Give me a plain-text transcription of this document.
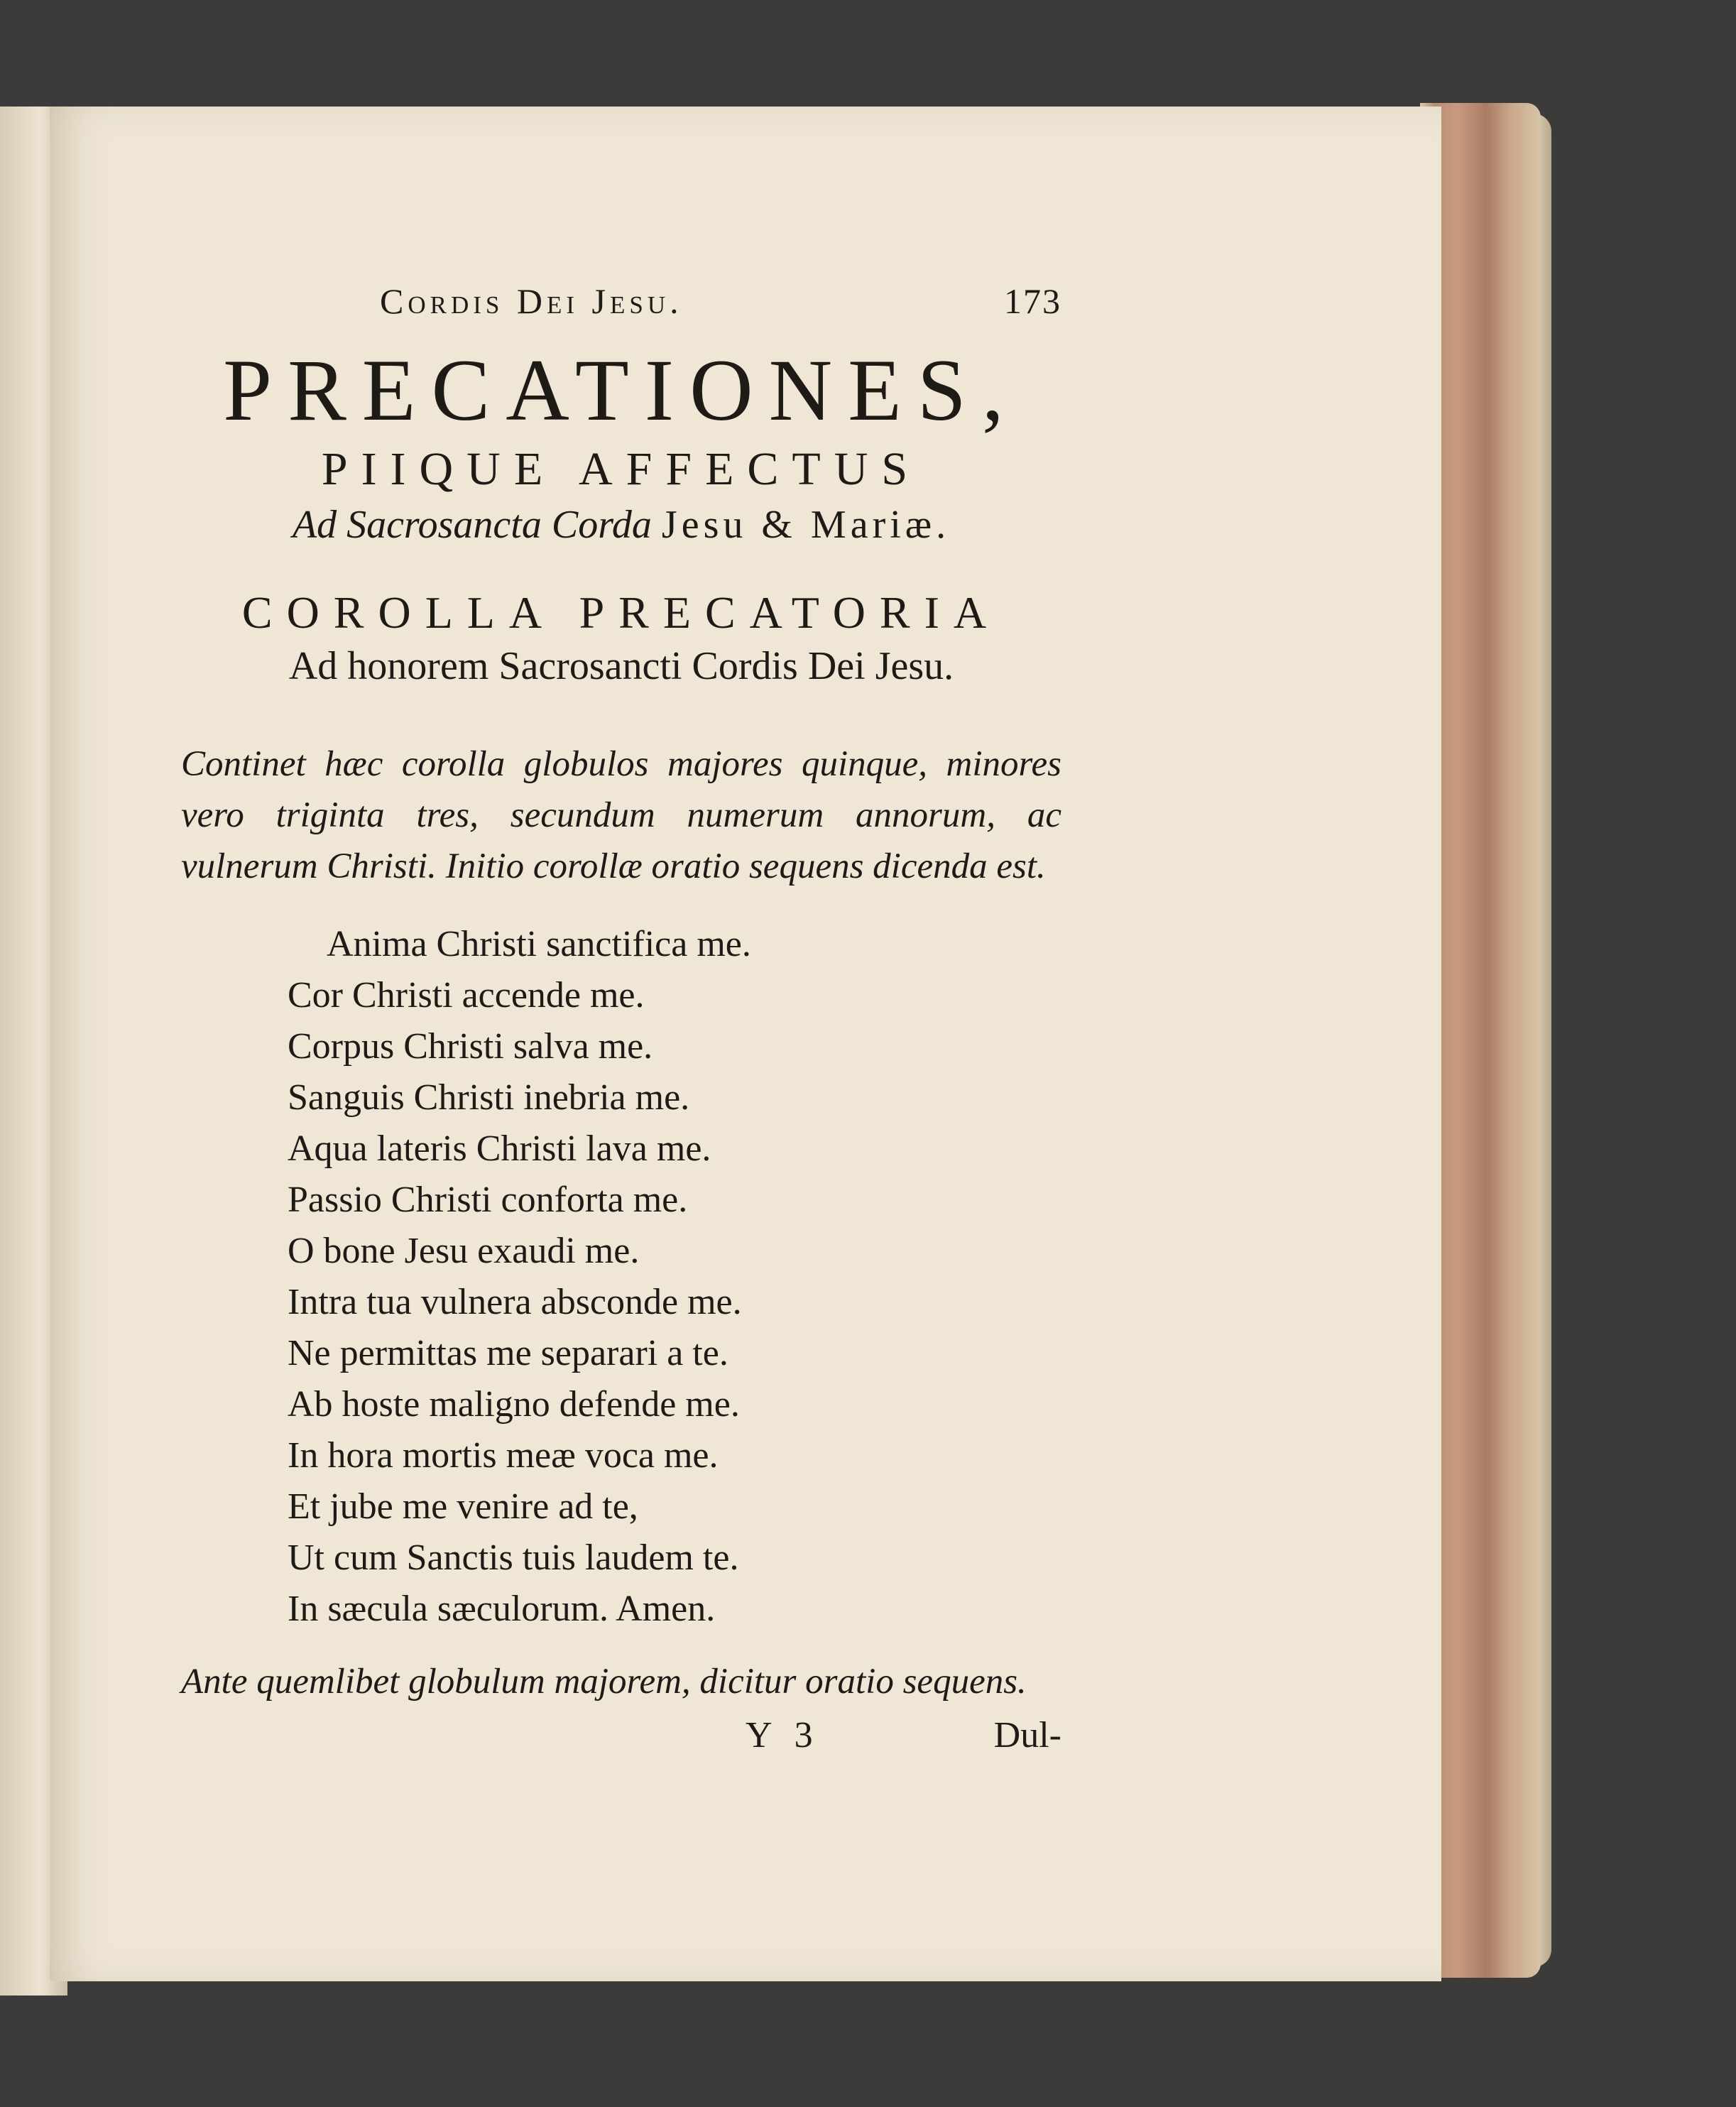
Cordis Dei Jesu.	173
PRECATIONES,
PIIQUE AFFECTUS
Ad Sacrosancta Corda Jesu & Mariæ.
COROLLA PRECATORIA
Ad honorem Sacrosancti Cordis Dei Jesu.
Continet hæc corolla globulos majores quinque, minores vero triginta tres, secundum numerum annorum, ac vulnerum Christi. Initio corollæ oratio sequens dicenda est.
Anima Christi sanctifica me.
Cor Christi accende me.
Corpus Christi salva me.
Sanguis Christi inebria me.
Aqua lateris Christi lava me.
Passio Christi conforta me.
O bone Jesu exaudi me.
Intra tua vulnera absconde me.
Ne permittas me separari a te.
Ab hoste maligno defende me.
In hora mortis meæ voca me.
Et jube me venire ad te,
Ut cum Sanctis tuis laudem te.
In sæcula sæculorum. Amen.
Ante quemlibet globulum majorem, dicitur oratio sequens.
Y 3	Dul-
